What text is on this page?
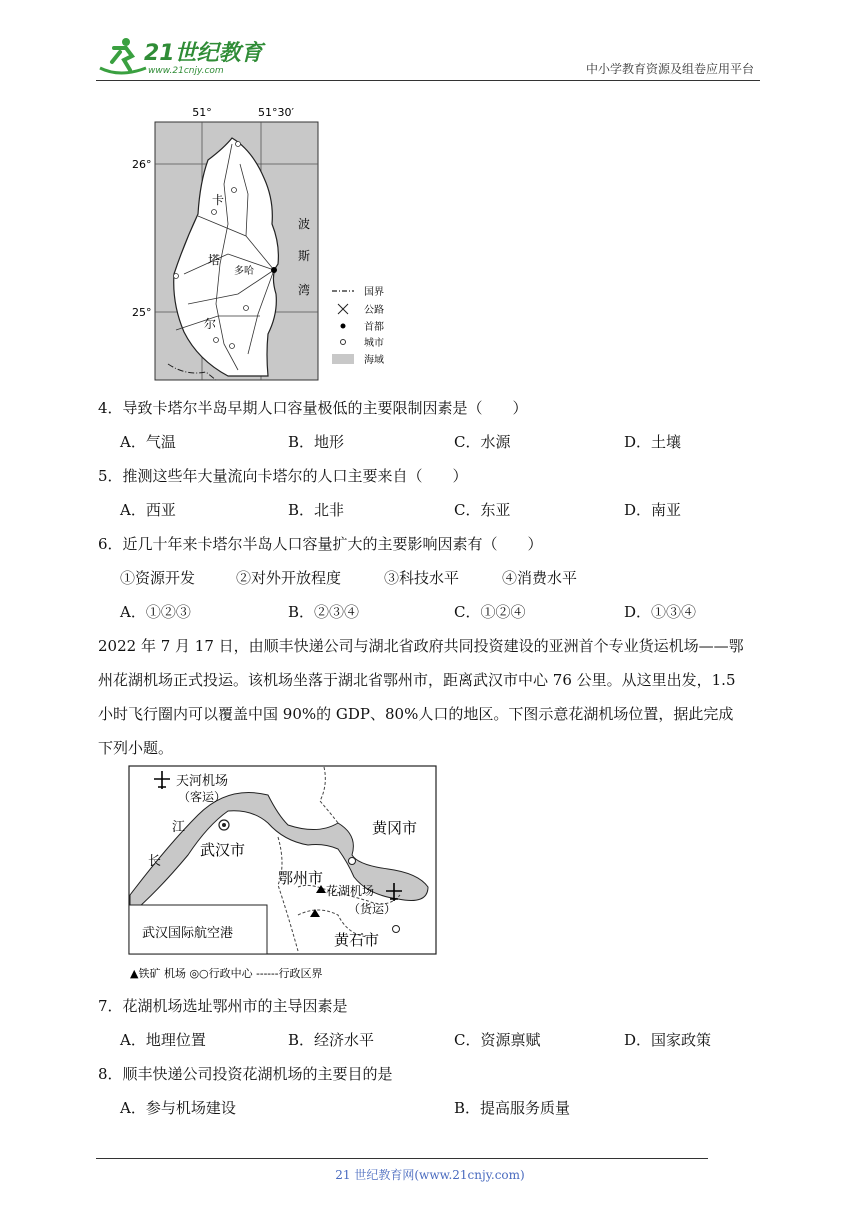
21世纪教育
www.21cnjy.com	中小学教育资源及组卷应用平台
51°	51°30′
26°
25°
卡
塔
尔
波
斯
湾
多哈
国界
公路
首都
城市
海域
4．导致卡塔尔半岛早期人口容量极低的主要限制因素是（　　）
A．气温	B．地形	C．水源	D．土壤
5．推测这些年大量流向卡塔尔的人口主要来自（　　）
A．西亚	B．北非	C．东亚	D．南亚
6．近几十年来卡塔尔半岛人口容量扩大的主要影响因素有（　　）
①资源开发	②对外开放程度	③科技水平	④消费水平
A．①②③	B．②③④	C．①②④	D．①③④
2022 年 7 月 17 日，由顺丰快递公司与湖北省政府共同投资建设的亚洲首个专业货运机场——鄂
州花湖机场正式投运。该机场坐落于湖北省鄂州市，距离武汉市中心 76 公里。从这里出发，1.5
小时飞行圈内可以覆盖中国 90%的 GDP、80%人口的地区。下图示意花湖机场位置，据此完成
下列小题。
天河机场
（客运）
江
长
武汉市
黄冈市
鄂州市
花湖机场
（货运）
黄石市
武汉国际航空港
▲铁矿 机场 ◎○行政中心 ------行政区界
7．花湖机场选址鄂州市的主导因素是
A．地理位置	B．经济水平	C．资源禀赋	D．国家政策
8．顺丰快递公司投资花湖机场的主要目的是
A．参与机场建设	B．提高服务质量
21 世纪教育网(www.21cnjy.com)
